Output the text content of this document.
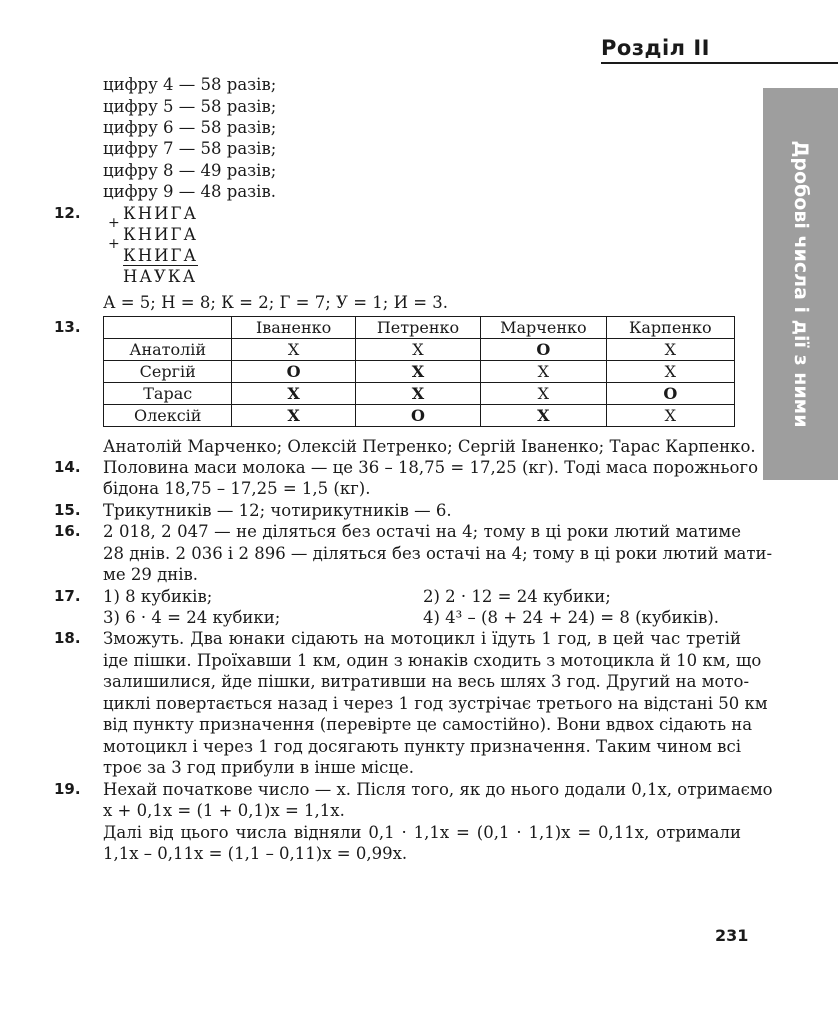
Розділ ІІ
Дробові числа і дії з ними
цифру 4 — 58 разів;
цифру 5 — 58 разів;
цифру 6 — 58 разів;
цифру 7 — 58 разів;
цифру 8 — 49 разів;
цифру 9 — 48 разів.
12.
+
+
КНИГА
КНИГА
КНИГА
НАУКА
А = 5; Н = 8; К = 2; Г = 7; У = 1; И = 3.
13.
		Іваненко	Петренко	Марченко	Карпенко
Анатолій	X	X	O	X
Сергій	O	X	X	X
Тарас	X	X	X	O
Олексій	X	O	X	X
Анатолій Марченко; Олексій Петренко; Сергій Іваненко; Тарас Карпенко.
14.	Половина маси молока — це 36 – 18,75 = 17,25 (кг). Тоді маса порожнього
бідона 18,75 – 17,25 = 1,5 (кг).
15.	Трикутників — 12; чотирикутників — 6.
16.	2 018, 2 047 — не діляться без остачі на 4; тому в ці роки лютий матиме
28 днів. 2 036 і 2 896 — діляться без остачі на 4; тому в ці роки лютий мати-
ме 29 днів.
17.	1) 8 кубиків;	2) 2 · 12 = 24 кубики;
3) 6 · 4 = 24 кубики;	4) 4³ – (8 + 24 + 24) = 8 (кубиків).
18.	Зможуть. Два юнаки сідають на мотоцикл і їдуть 1 год, в цей час третій
іде пішки. Проїхавши 1 км, один з юнаків сходить з мотоцикла й 10 км, що
залишилися, йде пішки, витративши на весь шлях 3 год. Другий на мото-
циклі повертається назад і через 1 год зустрічає третього на відстані 50 км
від пункту призначення (перевірте це самостійно). Вони вдвох сідають на
мотоцикл і через 1 год досягають пункту призначення. Таким чином всі
троє за 3 год прибули в інше місце.
19.	Нехай початкове число — x. Після того, як до нього додали 0,1x, отримаємо
x + 0,1x = (1 + 0,1)x = 1,1x.
Далі від цього числа відняли 0,1 · 1,1x = (0,1 · 1,1)x = 0,11x, отримали
1,1x – 0,11x = (1,1 – 0,11)x = 0,99x.
231
